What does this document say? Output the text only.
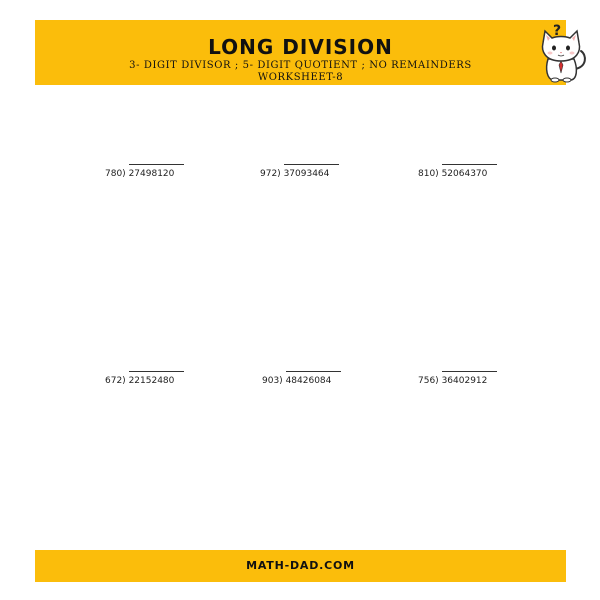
LONG DIVISION
3- DIGIT DIVISOR ; 5- DIGIT QUOTIENT ; NO REMAINDERS
WORKSHEET-8
?
780) 27498120	972) 37093464	810) 52064370
672) 22152480	903) 48426084	756) 36402912
MATH-DAD.COM
